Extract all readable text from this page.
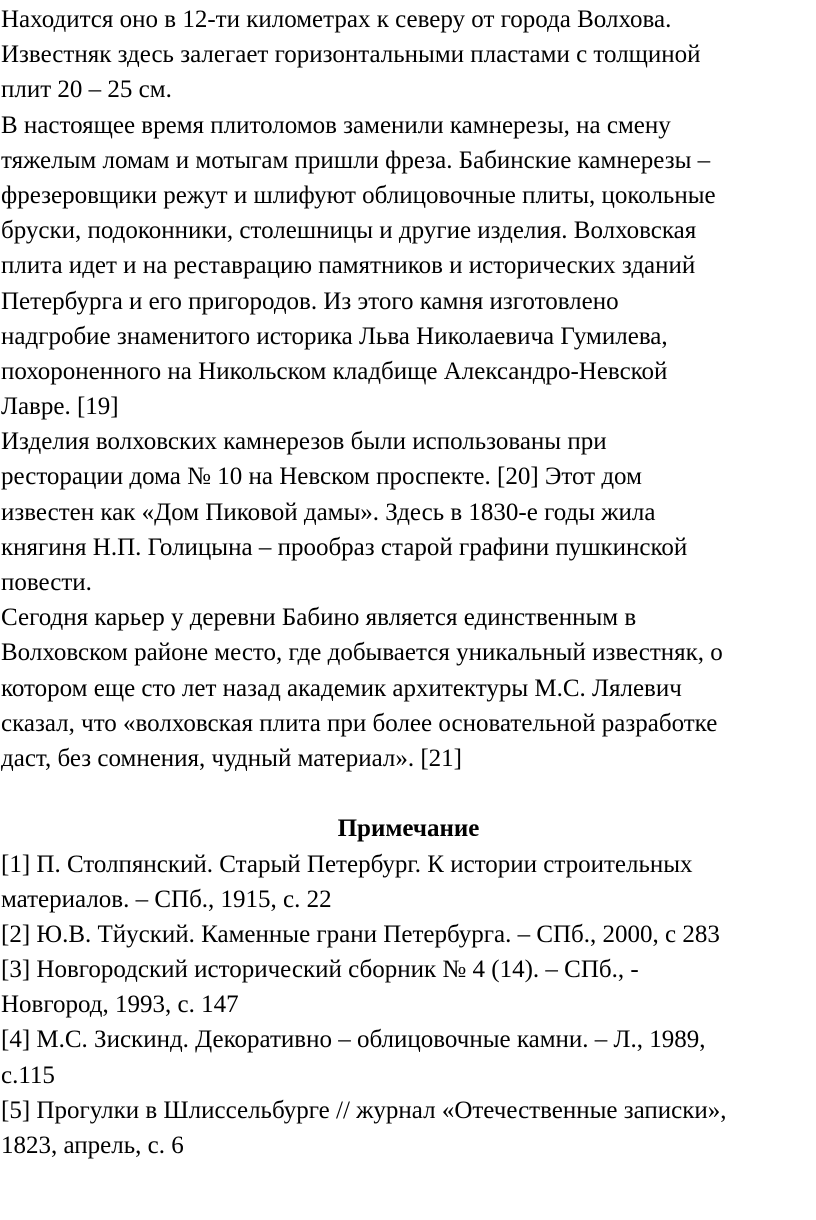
Находится оно в 12-ти километрах к северу от города Волхова.
Известняк здесь залегает горизонтальными пластами с толщиной
плит 20 – 25 см.
В настоящее время плитоломов заменили камнерезы, на смену
тяжелым ломам и мотыгам пришли фреза. Бабинские камнерезы –
фрезеровщики режут и шлифуют облицовочные плиты, цокольные
бруски, подоконники, столешницы и другие изделия. Волховская
плита идет и на реставрацию памятников и исторических зданий
Петербурга и его пригородов. Из этого камня изготовлено
надгробие знаменитого историка Льва Николаевича Гумилева,
похороненного на Никольском кладбище Александро-Невской
Лавре. [19]
Изделия волховских камнерезов были использованы при
ресторации дома № 10 на Невском проспекте. [20] Этот дом
известен как «Дом Пиковой дамы». Здесь в 1830-е годы жила
княгиня Н.П. Голицына – прообраз старой графини пушкинской
повести.
Сегодня карьер у деревни Бабино является единственным в
Волховском районе место, где добывается уникальный известняк, о
котором еще сто лет назад академик архитектуры М.С. Лялевич
сказал, что «волховская плита при более основательной разработке
даст, без сомнения, чудный материал». [21]
Примечание
[1] П. Столпянский. Старый Петербург. К истории строительных
материалов. – СПб., 1915, с. 22
[2] Ю.В. Тйуский. Каменные грани Петербурга. – СПб., 2000, с 283
[3] Новгородский исторический сборник № 4 (14). – СПб., -
Новгород, 1993, с. 147
[4] М.С. Зискинд. Декоративно – облицовочные камни. – Л., 1989,
с.115
[5] Прогулки в Шлиссельбурге // журнал «Отечественные записки»,
1823, апрель, с. 6
